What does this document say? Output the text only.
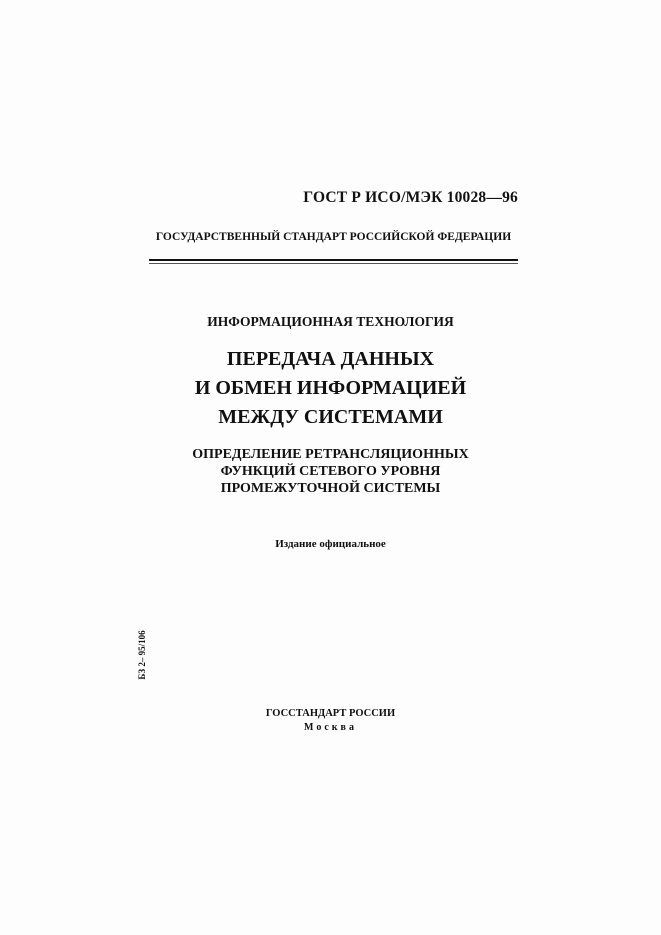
ГОСТ Р ИСО/МЭК 10028—96
ГОСУДАРСТВЕННЫЙ СТАНДАРТ РОССИЙСКОЙ ФЕДЕРАЦИИ
ИНФОРМАЦИОННАЯ ТЕХНОЛОГИЯ
ПЕРЕДАЧА ДАННЫХ
И ОБМЕН ИНФОРМАЦИЕЙ
МЕЖДУ СИСТЕМАМИ
ОПРЕДЕЛЕНИЕ РЕТРАНСЛЯЦИОННЫХ
ФУНКЦИЙ СЕТЕВОГО УРОВНЯ
ПРОМЕЖУТОЧНОЙ СИСТЕМЫ
Издание официальное
БЗ 2– 95/106
ГОССТАНДАРТ РОССИИ
Москва
